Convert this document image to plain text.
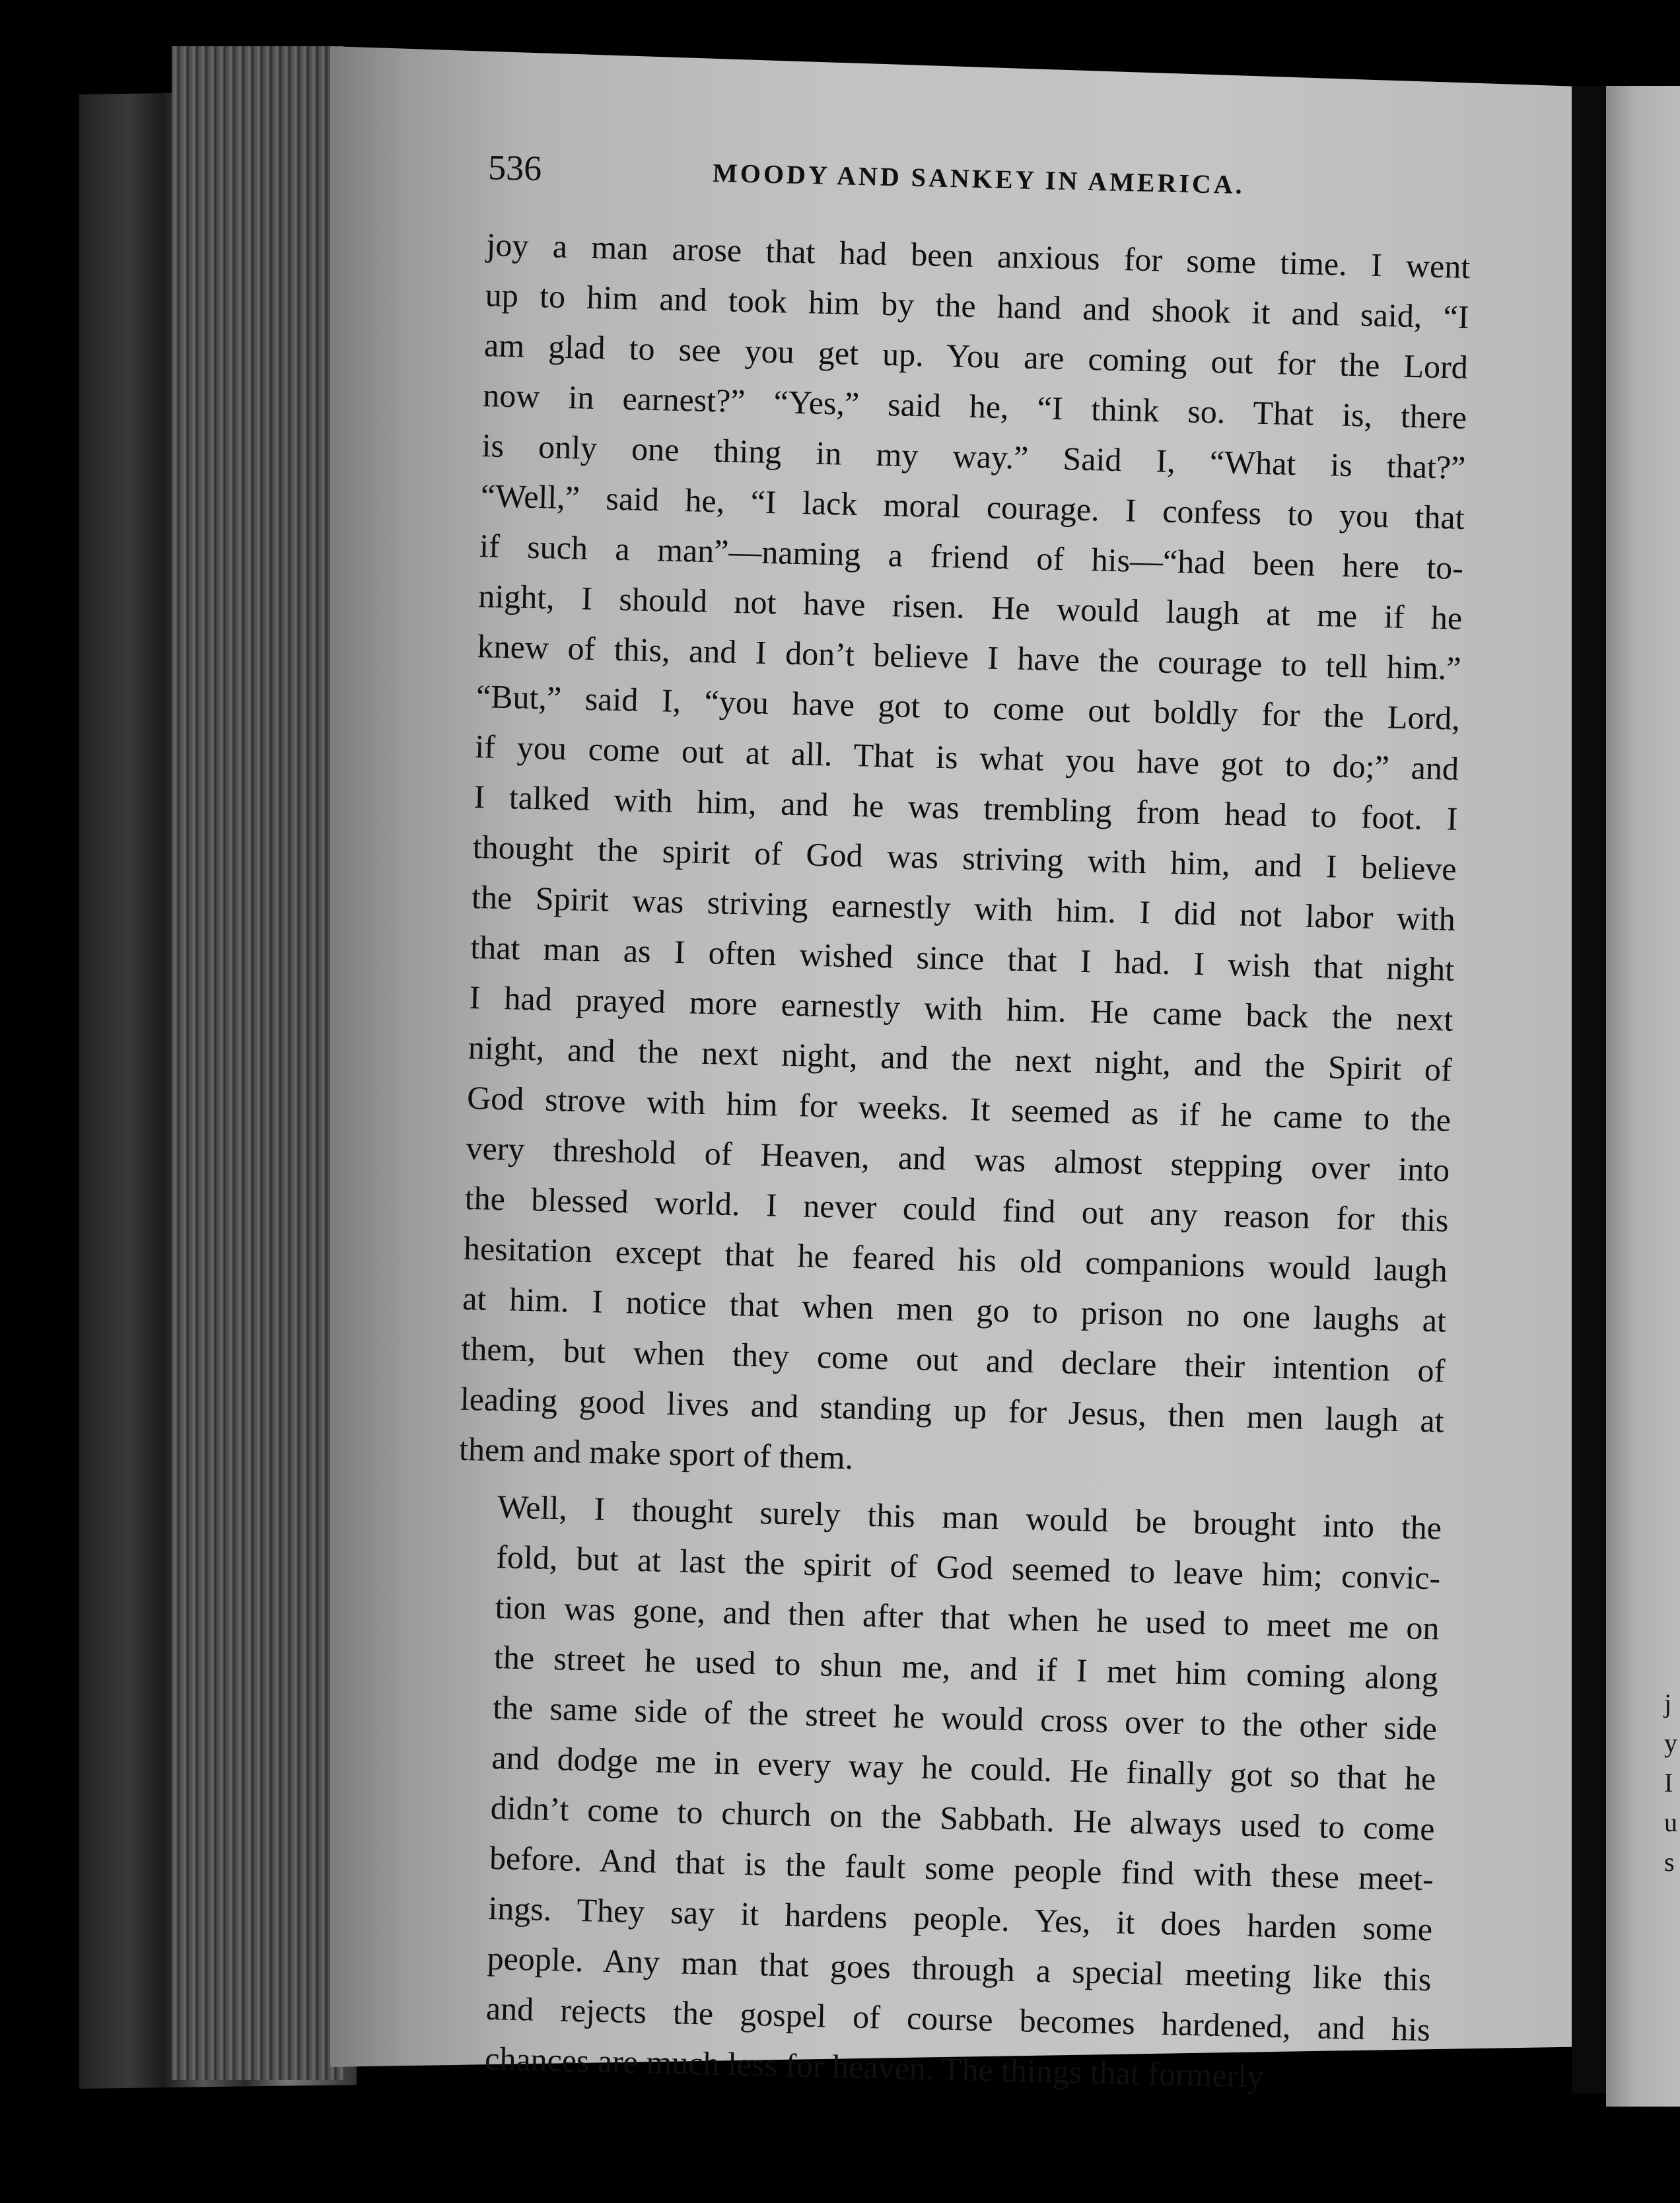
j
y
I
u
s
536	MOODY AND SANKEY IN AMERICA.

joy a man arose that had been anxious for some time. I went
up to him and took him by the hand and shook it and said, “I
am glad to see you get up. You are coming out for the Lord
now in earnest?” “Yes,” said he, “I think so. That is, there
is only one thing in my way.” Said I, “What is that?”
“Well,” said he, “I lack moral courage. I confess to you that
if such a man”—naming a friend of his—“had been here to-
night, I should not have risen. He would laugh at me if he
knew of this, and I don’t believe I have the courage to tell him.”
“But,” said I, “you have got to come out boldly for the Lord,
if you come out at all. That is what you have got to do;” and
I talked with him, and he was trembling from head to foot. I
thought the spirit of God was striving with him, and I believe
the Spirit was striving earnestly with him. I did not labor with
that man as I often wished since that I had. I wish that night
I had prayed more earnestly with him. He came back the next
night, and the next night, and the next night, and the Spirit of
God strove with him for weeks. It seemed as if he came to the
very threshold of Heaven, and was almost stepping over into
the blessed world. I never could find out any reason for this
hesitation except that he feared his old companions would laugh
at him. I notice that when men go to prison no one laughs at
them, but when they come out and declare their intention of
leading good lives and standing up for Jesus, then men laugh at
them and make sport of them.

Well, I thought surely this man would be brought into the
fold, but at last the spirit of God seemed to leave him; convic-
tion was gone, and then after that when he used to meet me on
the street he used to shun me, and if I met him coming along
the same side of the street he would cross over to the other side
and dodge me in every way he could. He finally got so that he
didn’t come to church on the Sabbath. He always used to come
before. And that is the fault some people find with these meet-
ings. They say it hardens people. Yes, it does harden some
people. Any man that goes through a special meeting like this
and rejects the gospel of course becomes hardened, and his
chances are much less for heaven. The things that formerly
